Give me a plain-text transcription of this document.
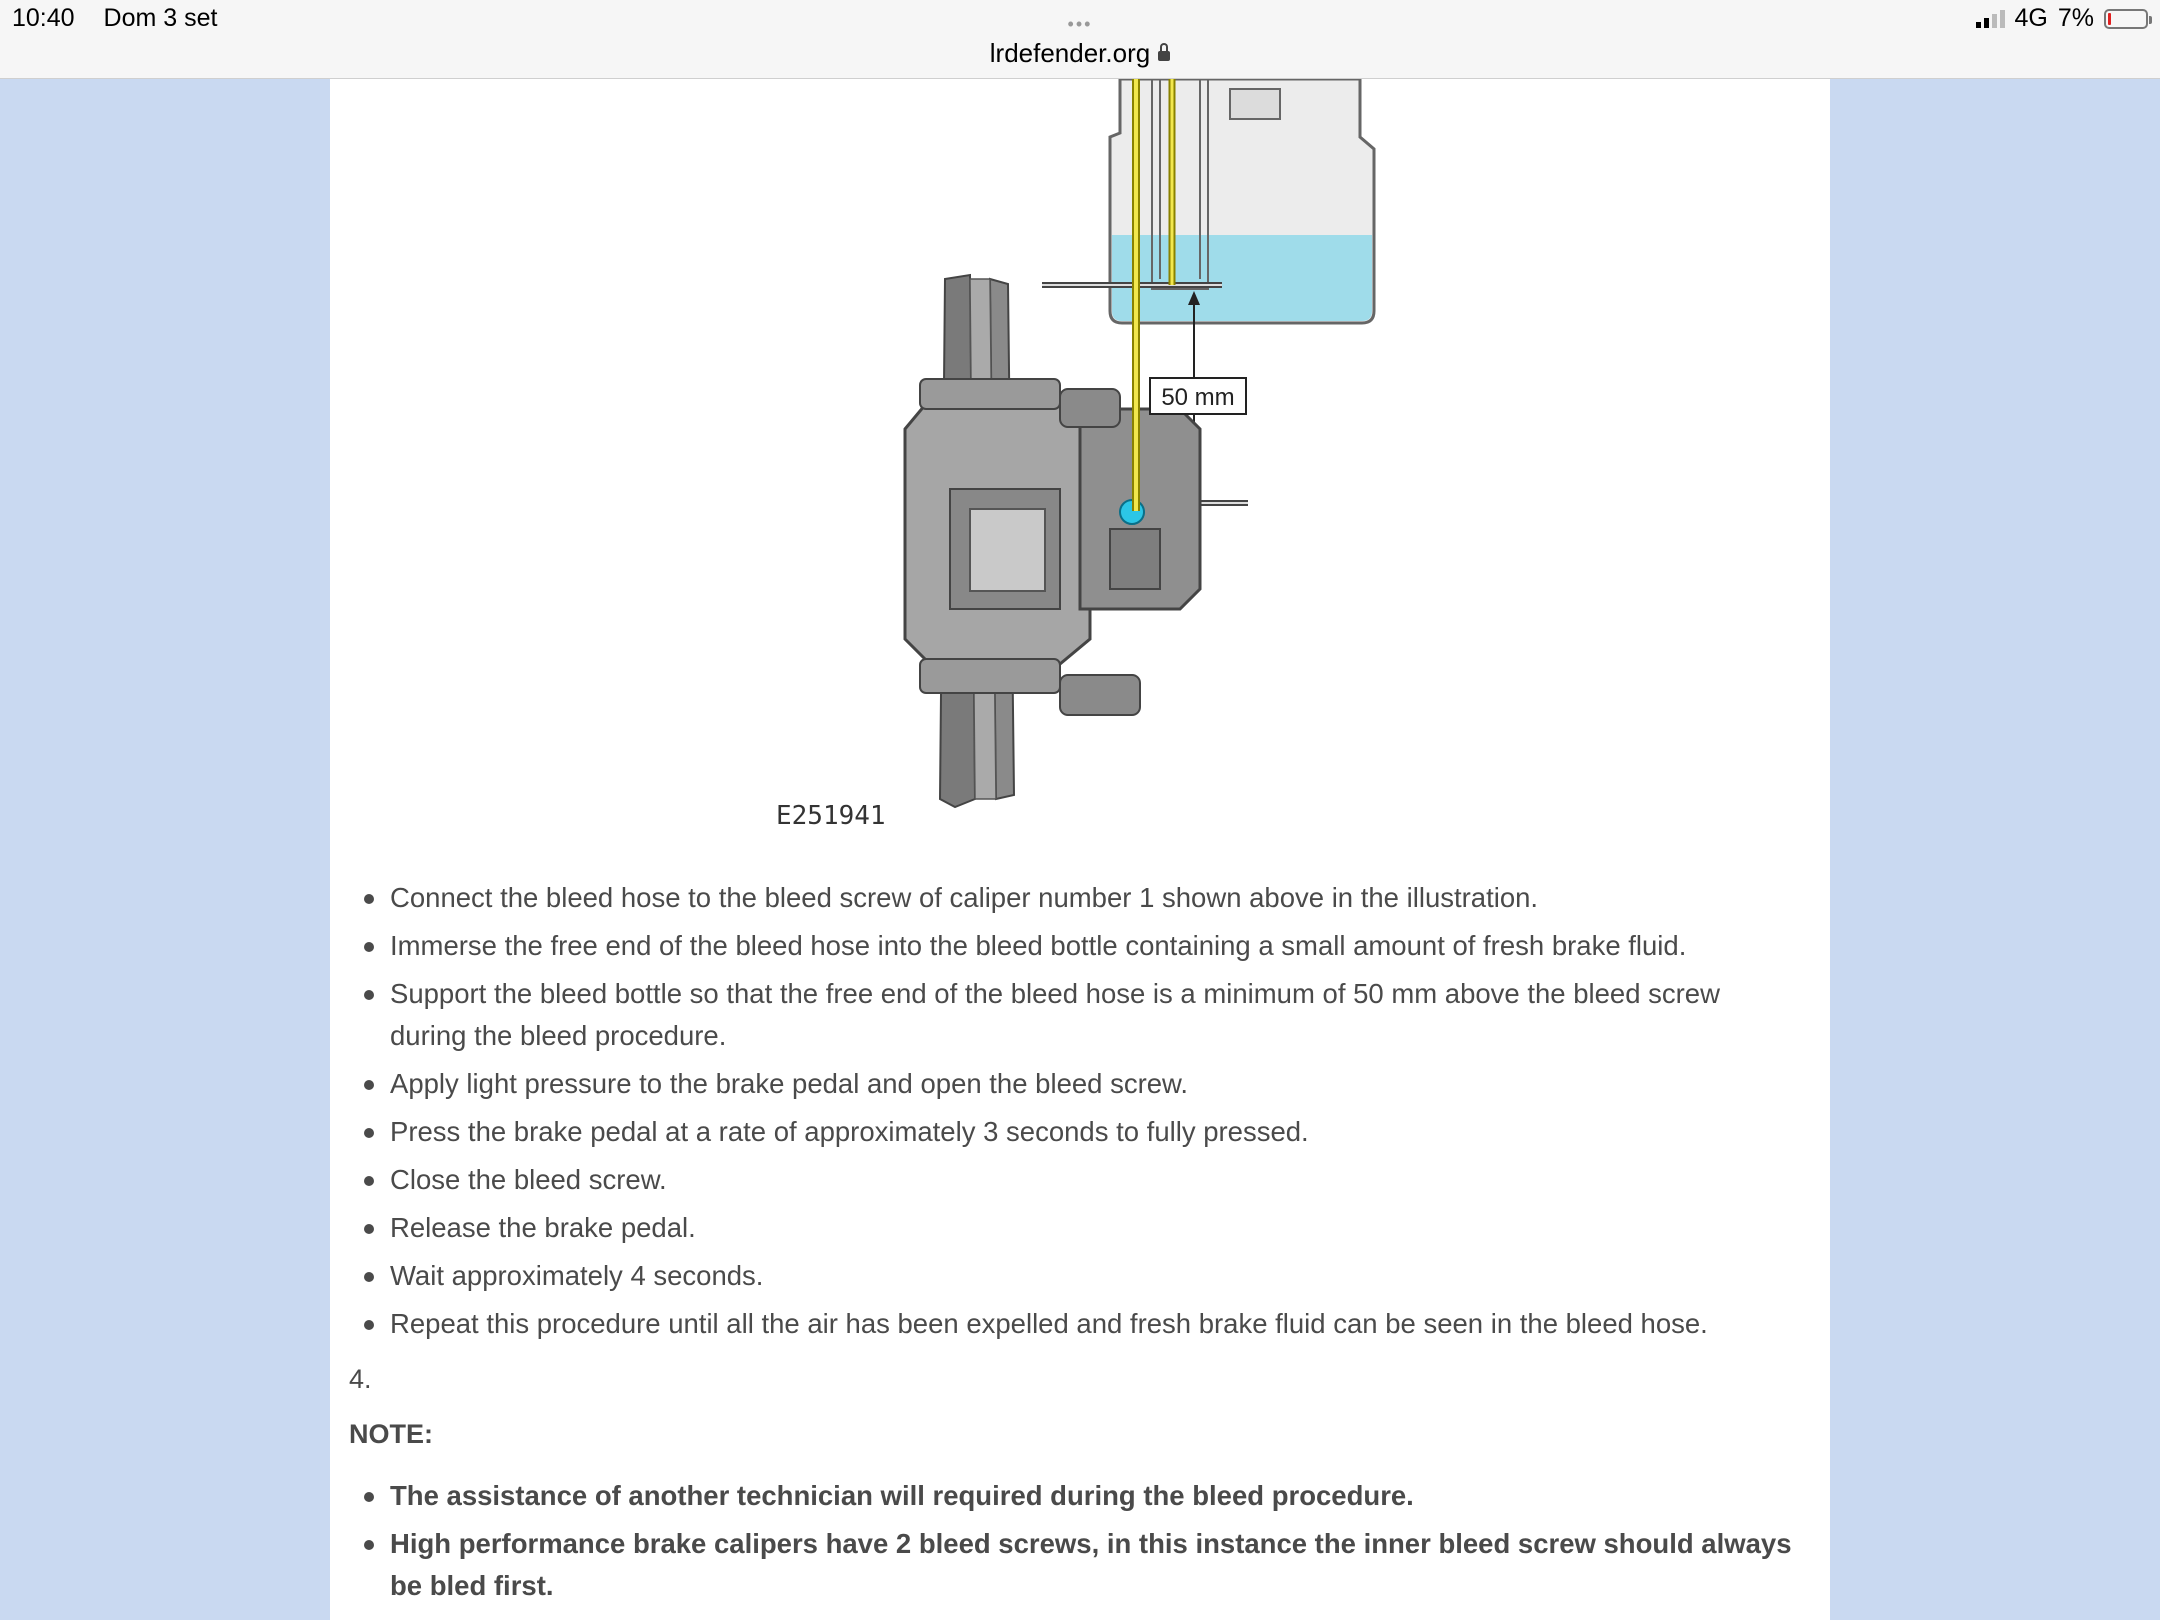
10:40 Dom 3 set	•••
lrdefender.org
4G 7%
50 mm
E251941
Connect the bleed hose to the bleed screw of caliper number 1 shown above in the illustration.
Immerse the free end of the bleed hose into the bleed bottle containing a small amount of fresh brake fluid.
Support the bleed bottle so that the free end of the bleed hose is a minimum of 50 mm above the bleed screw during the bleed procedure.
Apply light pressure to the brake pedal and open the bleed screw.
Press the brake pedal at a rate of approximately 3 seconds to fully pressed.
Close the bleed screw.
Release the brake pedal.
Wait approximately 4 seconds.
Repeat this procedure until all the air has been expelled and fresh brake fluid can be seen in the bleed hose.
4.
NOTE:
The assistance of another technician will required during the bleed procedure.
High performance brake calipers have 2 bleed screws, in this instance the inner bleed screw should always be bled first.
